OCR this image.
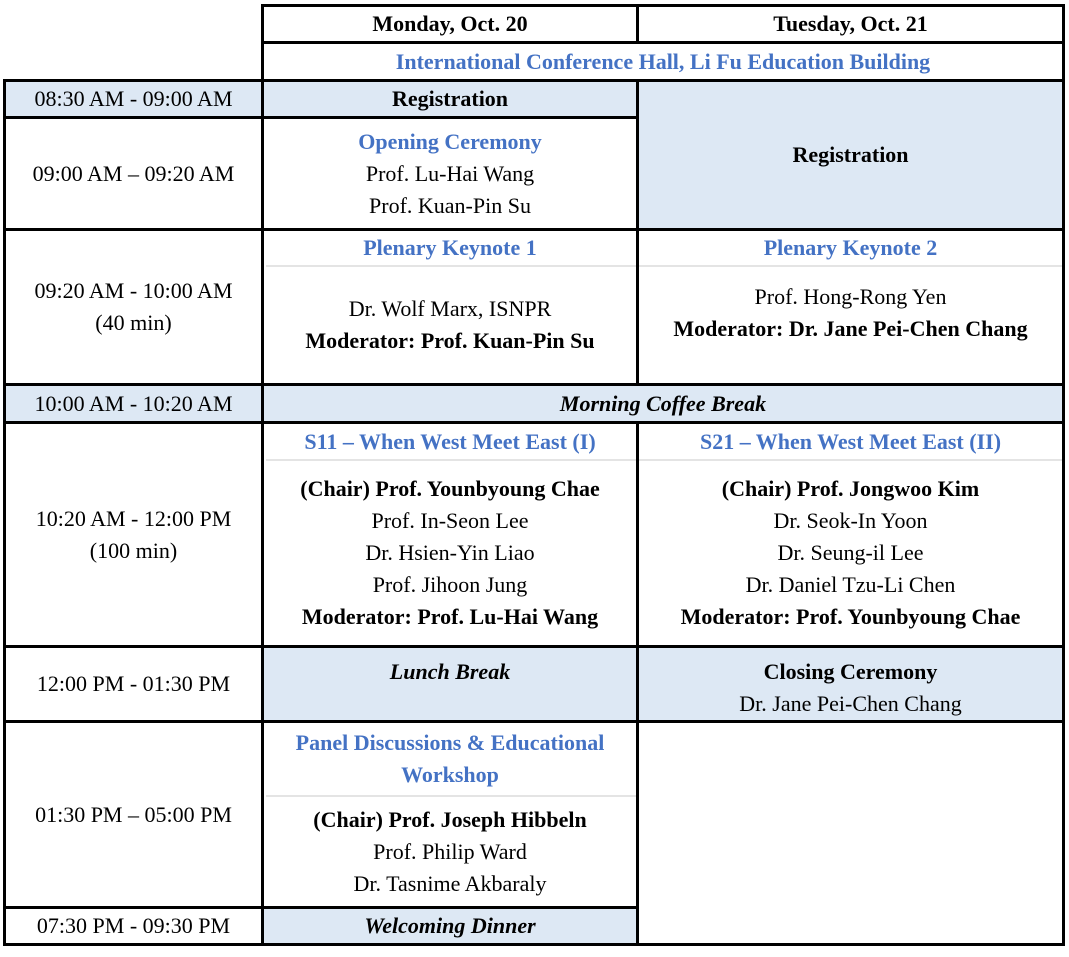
Monday, Oct. 20	Tuesday, Oct. 21
International Conference Hall, Li Fu Education Building
08:30 AM - 09:00 AM
09:00 AM – 09:20 AM
09:20 AM - 10:00 AM
(40 min)
10:00 AM - 10:20 AM
10:20 AM - 12:00 PM
(100 min)
12:00 PM - 01:30 PM
01:30 PM – 05:00 PM
07:30 PM - 09:30 PM
Registration
Opening Ceremony
Prof. Lu-Hai Wang
Prof. Kuan-Pin Su
Plenary Keynote 1
Dr. Wolf Marx, ISNPR
Moderator: Prof. Kuan-Pin Su
S11 – When West Meet East (I)
(Chair) Prof. Younbyoung Chae
Prof. In-Seon Lee
Dr. Hsien-Yin Liao
Prof. Jihoon Jung
Moderator: Prof. Lu-Hai Wang
Lunch Break
Panel Discussions & Educational
Workshop
(Chair) Prof. Joseph Hibbeln
Prof. Philip Ward
Dr. Tasnime Akbaraly
Welcoming Dinner
Morning Coffee Break
Registration
Plenary Keynote 2
Prof. Hong-Rong Yen
Moderator: Dr. Jane Pei-Chen Chang
S21 – When West Meet East (II)
(Chair) Prof. Jongwoo Kim
Dr. Seok-In Yoon
Dr. Seung-il Lee
Dr. Daniel Tzu-Li Chen
Moderator: Prof. Younbyoung Chae
Closing Ceremony
Dr. Jane Pei-Chen Chang
